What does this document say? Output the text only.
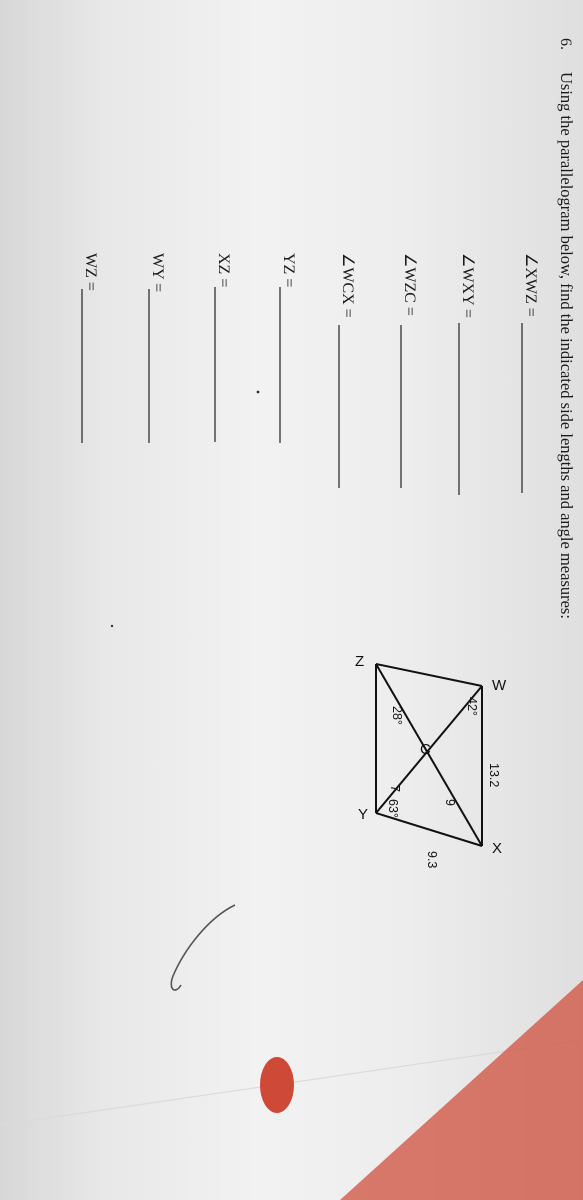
6.
Using the parallelogram below, find the indicated side lengths and angle measures:
∠XWZ =
∠WXY =
∠WZC =
∠WCX =
YZ =
XZ =
WY =
WZ =
W
X
Y
Z
C
13.2
9.3
9
7
42°
63°
28°
